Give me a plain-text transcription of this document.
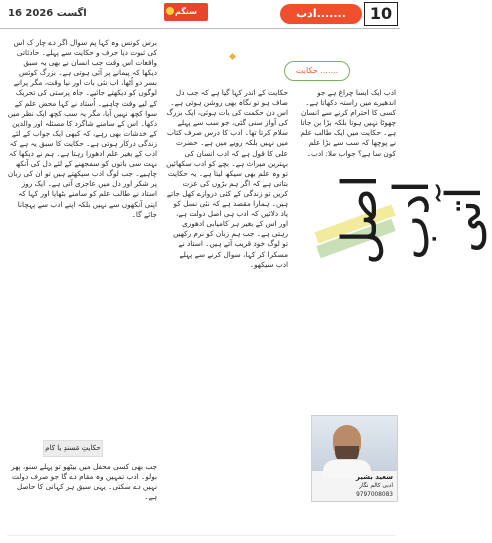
16 اگست 2026	سنگم	ادب.......	10
حکایت .......
برس کونس وہ کہا پم سوال اگر دے چار ک اس کی ثبوت دیا حرف و حکایت سے پہلے۔ حادثاتی واقعات اس وقت جب انسان نے بھی یہ سبق دیکھا کہ پیمانے پر آئی ہوتی ہے۔ بزرگ کوئس بسر دو اُٹھا، اب نئی بات اور نیا وقت، مگر پرانے لوگوں کو دیکھتے جائیے۔ جاہ پرستی کی تحریک کے لیے وقت چاہیے۔ اُستاد نے کہا محض علم کے سوا کچھ نہیں آیا، مگر یہ سب کچھ ایک نظر میں دکھا۔ اس کے سامنے شاگرد کا مسئلہ اور والدین کے خدشات بھی رہے، کہ کبھی ایک جواب کے لئے زندگی درکار ہوتی ہے۔ حکایت کا سبق یہ ہے کہ ادب کے بغیر علم ادھورا رہتا ہے۔ ہم نے دیکھا کہ بہت سی باتوں کو سمجھنے کے لئے دل کی آنکھ چاہیے۔ جب لوگ ادب سیکھتے ہیں تو ان کی زبان پر شکر اور دل میں عاجزی آتی ہے۔ ایک روز استاد نے طالب علم کو سامنے بٹھایا اور کہا کہ اپنی آنکھوں سے نہیں بلکہ اپنے ادب سے پہچانا جائے گا۔
حکایت کے اندر کہا گیا ہے کہ جب دل صاف ہو تو نگاہ بھی روشن ہوتی ہے۔ اس دن حکمت کی بات ہوئی، ایک بزرگ کی آواز سنی گئی، جو سب سے پہلے سلام کرتا تھا۔ ادب کا درس صرف کتاب میں نہیں بلکہ رویے میں ہے۔ حضرت علی کا قول ہے کہ ادب انسان کی بہترین میراث ہے۔ بچے کو ادب سکھائیں تو وہ علم بھی سیکھ لیتا ہے۔ یہ حکایت بتاتی ہے کہ اگر ہم بڑوں کی عزت کریں تو زندگی کے کئی دروازے کھل جاتے ہیں۔ ہمارا مقصد ہے کہ نئی نسل کو یاد دلائیں کہ ادب ہی اصل دولت ہے، اور اس کے بغیر ہر کامیابی ادھوری رہتی ہے۔ جب ہم زبان کو نرم رکھیں تو لوگ خود قریب آتے ہیں۔ استاد نے مسکرا کر کہا، سوال کرنے سے پہلے ادب سیکھو۔
ادب ایک ایسا چراغ ہے جو اندھیرے میں راستہ دکھاتا ہے۔ کسی کا احترام کرنے سے انسان چھوٹا نہیں ہوتا بلکہ بڑا بن جاتا ہے۔ حکایت میں ایک طالب علم نے پوچھا کہ سب سے بڑا علم کون سا ہے؟ جواب ملا: ادب۔
اصل ادب آتی
حکایتِ مَسندِ یا کام
جب بھی کسی محفل میں بیٹھو تو پہلے سنو، پھر بولو۔ ادب تمہیں وہ مقام دے گا جو صرف دولت نہیں دے سکتی۔ یہی سبق ہر کہانی کا حاصل ہے۔
سعید بشیر
ادبی کالم نگار
9797008083
